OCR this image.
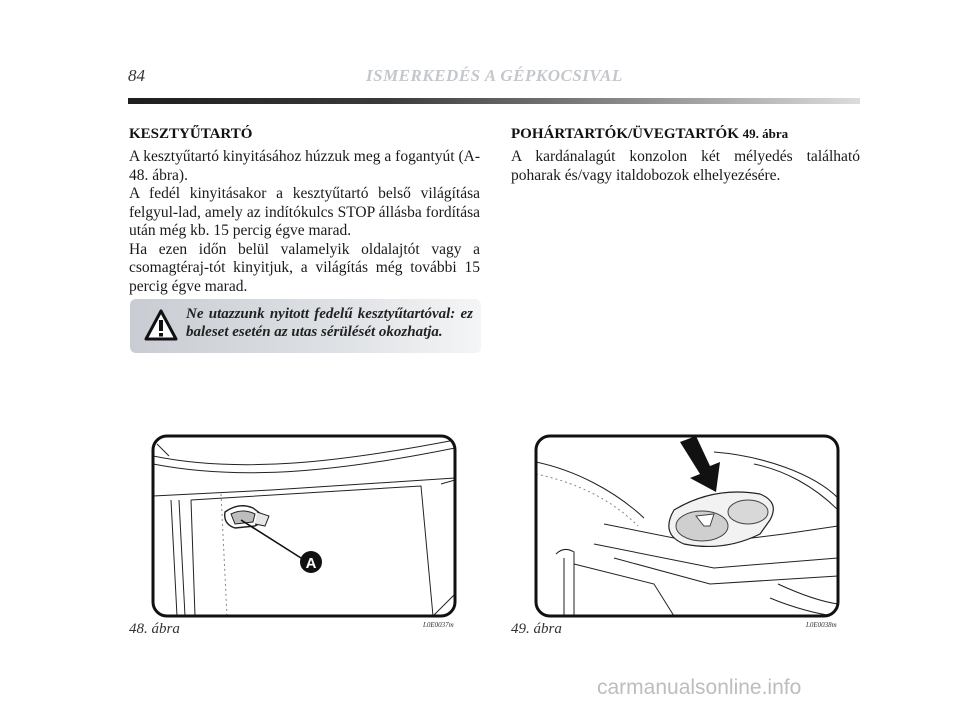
84	ISMERKEDÉS A GÉPKOCSIVAL
KESZTYŰTARTÓ

A kesztyűtartó kinyitásához húzzuk meg a fogantyút (A-48. ábra).

A fedél kinyitásakor a kesztyűtartó belső világítása felgyul-lad, amely az indítókulcs STOP állásba fordítása után még kb. 15 percig égve marad.

Ha ezen időn belül valamelyik oldalajtót vagy a csomagtéraj-tót kinyitjuk, a világítás még további 15 percig égve marad.

Ne utazzunk nyitott fedelű kesztyűtartóval: ez baleset esetén az utas sérülését okozhatja.
POHÁRTARTÓK/ÜVEGTARTÓK 49. ábra

A kardánalagút konzolon két mélyedés található poharak és/vagy italdobozok elhelyezésére.

A
48. ábra	L0E0037m	49. ábra	L0E0038m
carmanualsonline.info
